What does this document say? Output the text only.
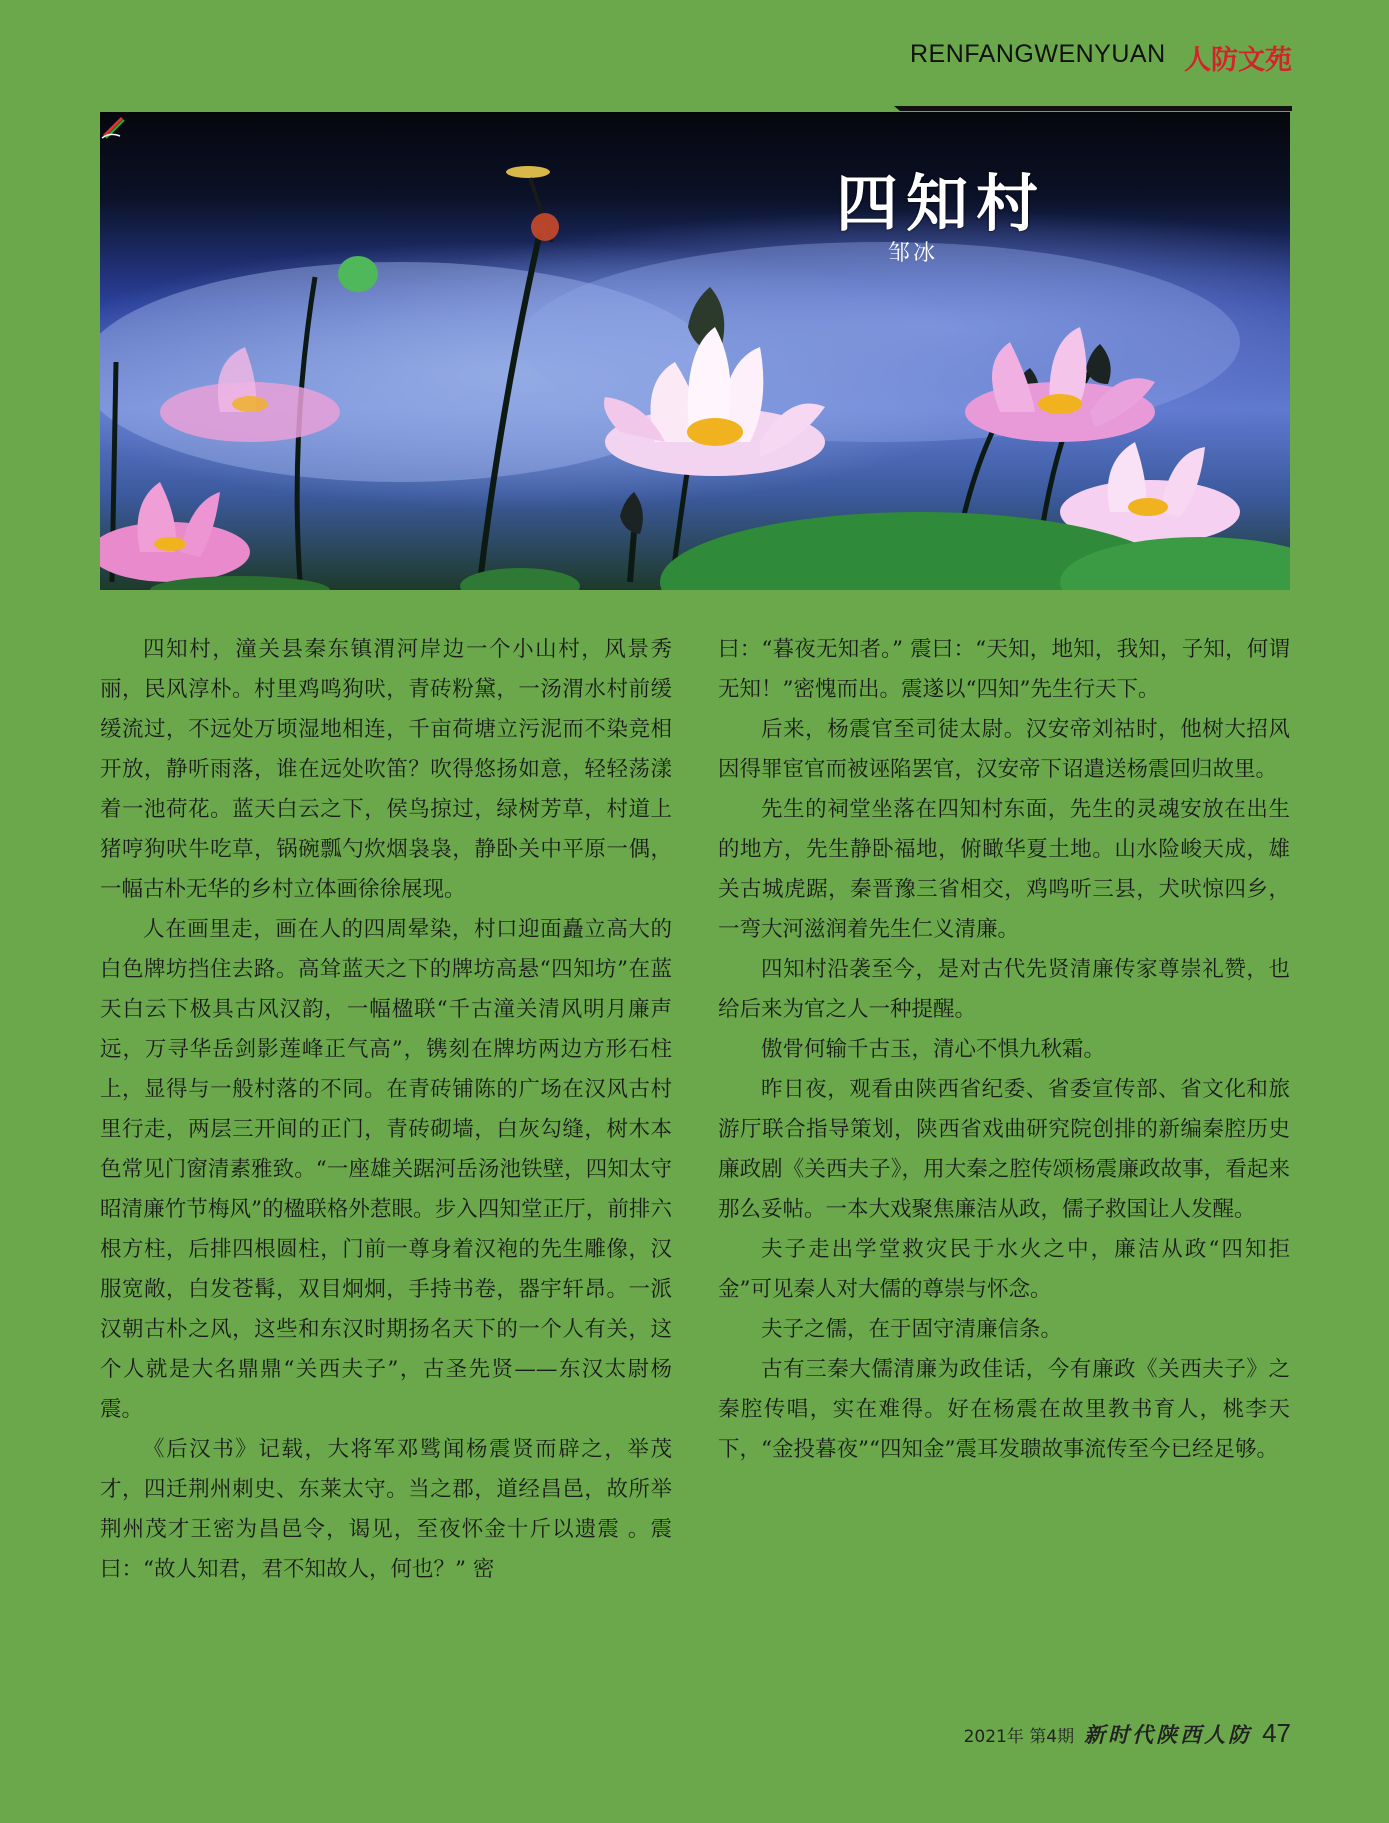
RENFANGWENYUAN 人防文苑
四知村
邹冰

四知村，潼关县秦东镇渭河岸边一个小山村，风景秀丽，民风淳朴。村里鸡鸣狗吠，青砖粉黛，一汤渭水村前缓缓流过，不远处万顷湿地相连，千亩荷塘立污泥而不染竞相开放，静听雨落，谁在远处吹笛？吹得悠扬如意，轻轻荡漾着一池荷花。蓝天白云之下，侯鸟掠过，绿树芳草，村道上猪哼狗吠牛吃草，锅碗瓢勺炊烟袅袅，静卧关中平原一偶，一幅古朴无华的乡村立体画徐徐展现。

人在画里走，画在人的四周晕染，村口迎面矗立高大的白色牌坊挡住去路。高耸蓝天之下的牌坊高悬“四知坊”在蓝天白云下极具古风汉韵，一幅楹联“千古潼关清风明月廉声远，万寻华岳剑影莲峰正气高”，镌刻在牌坊两边方形石柱上，显得与一般村落的不同。在青砖铺陈的广场在汉风古村里行走，两层三开间的正门，青砖砌墙，白灰勾缝，树木本色常见门窗清素雅致。“一座雄关踞河岳汤池铁壁，四知太守昭清廉竹节梅风”的楹联格外惹眼。步入四知堂正厅，前排六根方柱，后排四根圆柱，门前一尊身着汉袍的先生雕像，汉服宽敞，白发苍髯，双目炯炯，手持书卷，器宇轩昂。一派汉朝古朴之风，这些和东汉时期扬名天下的一个人有关，这个人就是大名鼎鼎“关西夫子”，古圣先贤——东汉太尉杨震。

《后汉书》记载，大将军邓骘闻杨震贤而辟之，举茂才，四迁荆州刺史、东莱太守。当之郡，道经昌邑，故所举荆州茂才王密为昌邑令，谒见，至夜怀金十斤以遗震 。震曰：“故人知君，君不知故人，何也？” 密

曰：“暮夜无知者。” 震曰：“天知，地知，我知，子知，何谓无知！”密愧而出。震遂以“四知”先生行天下。

后来，杨震官至司徒太尉。汉安帝刘祜时，他树大招风因得罪宦官而被诬陷罢官，汉安帝下诏遣送杨震回归故里。

先生的祠堂坐落在四知村东面，先生的灵魂安放在出生的地方，先生静卧福地，俯瞰华夏土地。山水险峻天成，雄关古城虎踞，秦晋豫三省相交，鸡鸣听三县，犬吠惊四乡，一弯大河滋润着先生仁义清廉。

四知村沿袭至今，是对古代先贤清廉传家尊崇礼赞，也给后来为官之人一种提醒。

傲骨何输千古玉，清心不惧九秋霜。

昨日夜，观看由陕西省纪委、省委宣传部、省文化和旅游厅联合指导策划，陕西省戏曲研究院创排的新编秦腔历史廉政剧《关西夫子》，用大秦之腔传颂杨震廉政故事，看起来那么妥帖。一本大戏聚焦廉洁从政，儒子救国让人发醒。

夫子走出学堂救灾民于水火之中，廉洁从政“四知拒金”可见秦人对大儒的尊崇与怀念。

夫子之儒，在于固守清廉信条。

古有三秦大儒清廉为政佳话，今有廉政《关西夫子》之秦腔传唱，实在难得。好在杨震在故里教书育人，桃李天下，“金投暮夜”“四知金”震耳发聩故事流传至今已经足够。

2021年 第4期 新时代陕西人防 47
